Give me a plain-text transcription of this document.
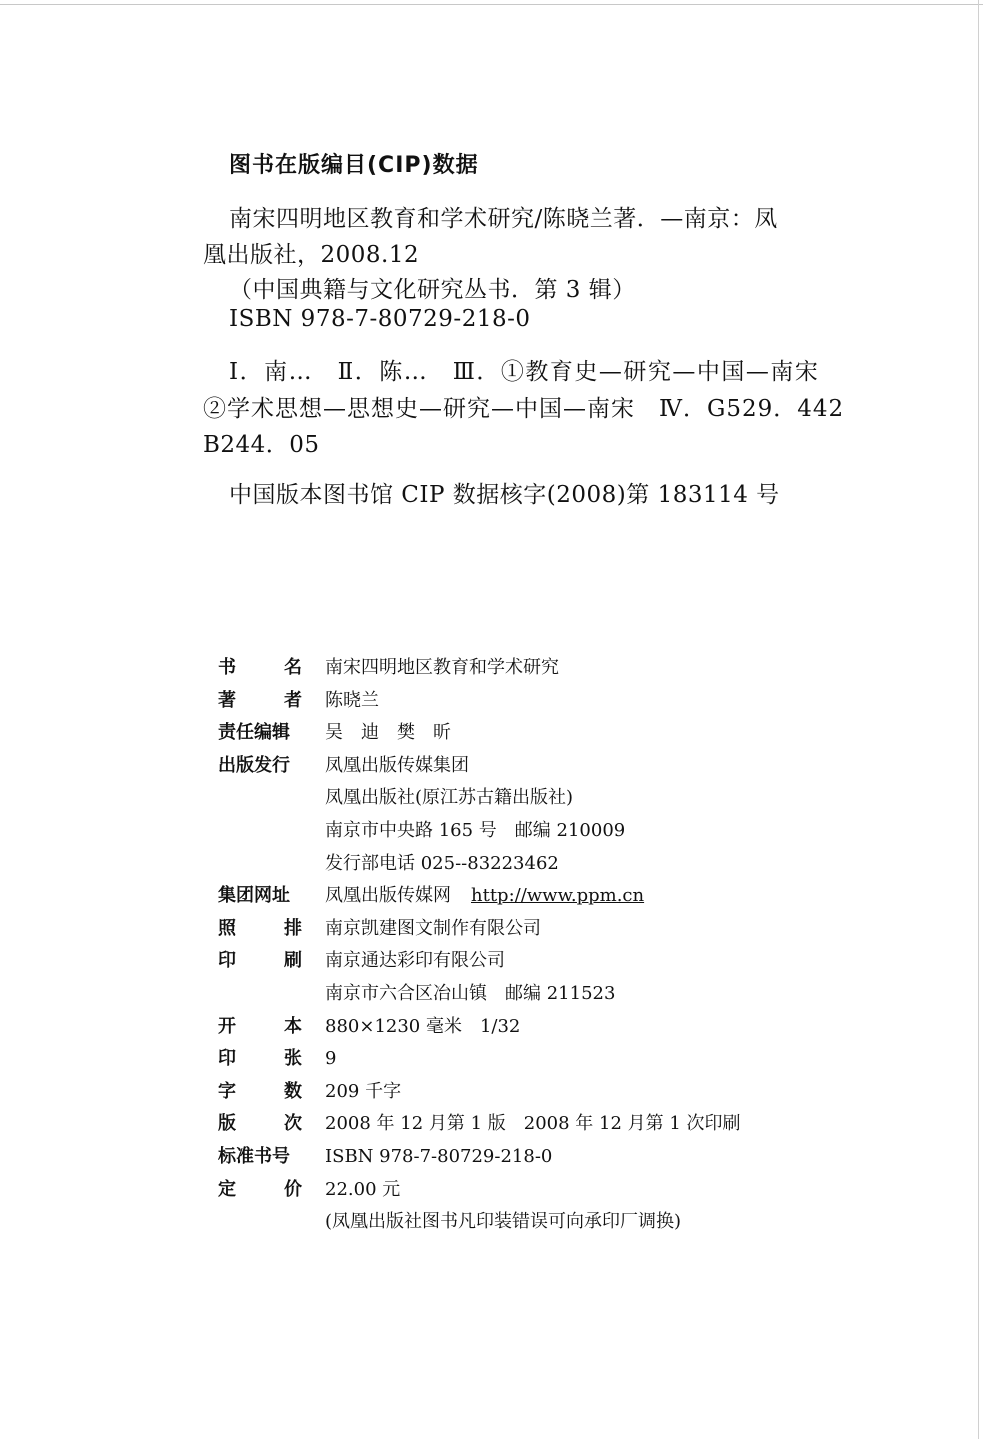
图书在版编目(CIP)数据
南宋四明地区教育和学术研究/陈晓兰著．—南京：凤
凰出版社，2008.12
（中国典籍与文化研究丛书．第 3 辑）
ISBN 978-7-80729-218-0
Ⅰ．南…　Ⅱ．陈…　Ⅲ．①教育史—研究—中国—南宋
②学术思想—思想史—研究—中国—南宋　Ⅳ．G529．442
B244．05
中国版本图书馆 CIP 数据核字(2008)第 183114 号
书	名 南宋四明地区教育和学术研究
著	者 陈晓兰
责任编辑 吴　迪　樊　昕
出版发行 凤凰出版传媒集团
凤凰出版社(原江苏古籍出版社)
南京市中央路 165 号　邮编 210009
发行部电话 025--83223462
集团网址 凤凰出版传媒网 http://www.ppm.cn
照	排 南京凯建图文制作有限公司
印	刷 南京通达彩印有限公司
南京市六合区冶山镇　邮编 211523
开	本 880×1230 毫米　1/32
印	张 9
字	数 209 千字
版	次 2008 年 12 月第 1 版　2008 年 12 月第 1 次印刷
标准书号 ISBN 978-7-80729-218-0
定	价 22.00 元
(凤凰出版社图书凡印装错误可向承印厂调换)
